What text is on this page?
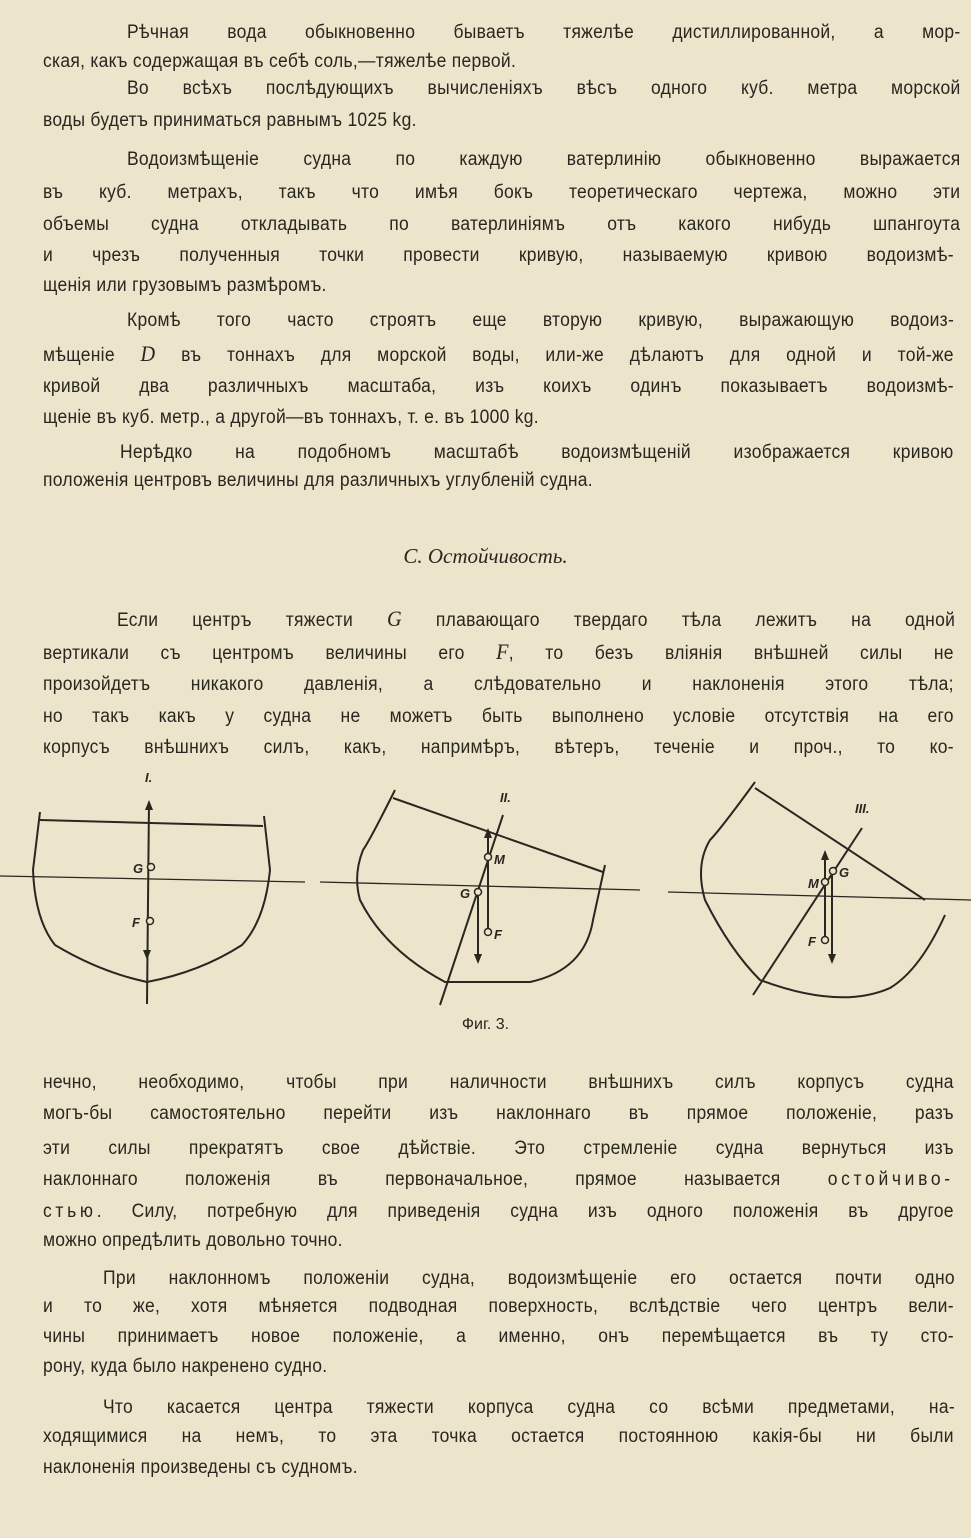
Рѣчная вода обыкновенно бываетъ тяжелѣе дистиллированной, а мор-
ская, какъ содержащая въ себѣ соль,—тяжелѣе первой.
Во всѣхъ послѣдующихъ вычисленіяхъ вѣсъ одного куб. метра морской
воды будетъ приниматься равнымъ 1025 kg.
Водоизмѣщеніе судна по каждую ватерлинію обыкновенно выражается
въ куб. метрахъ, такъ что имѣя бокъ теоретическаго чертежа, можно эти
объемы судна откладывать по ватерлиніямъ отъ какого нибудь шпангоута
и чрезъ полученныя точки провести кривую, называемую кривою водоизмѣ-
щенія или грузовымъ размѣромъ.
Кромѣ того часто строятъ еще вторую кривую, выражающую водоиз-
мѣщеніе D въ тоннахъ для морской воды, или-же дѣлаютъ для одной и той-же
кривой два различныхъ масштаба, изъ коихъ одинъ показываетъ водоизмѣ-
щеніе въ куб. метр., а другой—въ тоннахъ, т. е. въ 1000 kg.
Нерѣдко на подобномъ масштабѣ водоизмѣщеній изображается кривою
положенія центровъ величины для различныхъ углубленій судна.
С. Остойчивость.
Если центръ тяжести G плавающаго твердаго тѣла лежитъ на одной
вертикали съ центромъ величины его F, то безъ вліянія внѣшней силы не
произойдетъ никакого давленія, а слѣдовательно и наклоненія этого тѣла;
но такъ какъ у судна не можетъ быть выполнено условіе отсутствія на его
корпусъ внѣшнихъ силъ, какъ, напримѣръ, вѣтеръ, теченіе и проч., то ко-
I.
G
F
II.
M
G
F
III.
M
G
F
Фиг. 3.
нечно, необходимо, чтобы при наличности внѣшнихъ силъ корпусъ судна
могъ-бы самостоятельно перейти изъ наклоннаго въ прямое положеніе, разъ
эти силы прекратятъ свое дѣйствіе. Это стремленіе судна вернуться изъ
наклоннаго положенія въ первоначальное, прямое называется остойчиво-
стью. Силу, потребную для приведенія судна изъ одного положенія въ другое
можно опредѣлить довольно точно.
При наклонномъ положеніи судна, водоизмѣщеніе его остается почти одно
и то же, хотя мѣняется подводная поверхность, вслѣдствіе чего центръ вели-
чины принимаетъ новое положеніе, а именно, онъ перемѣщается въ ту сто-
рону, куда было накренено судно.
Что касается центра тяжести корпуса судна со всѣми предметами, на-
ходящимися на немъ, то эта точка остается постоянною какія-бы ни были
наклоненія произведены съ судномъ.
